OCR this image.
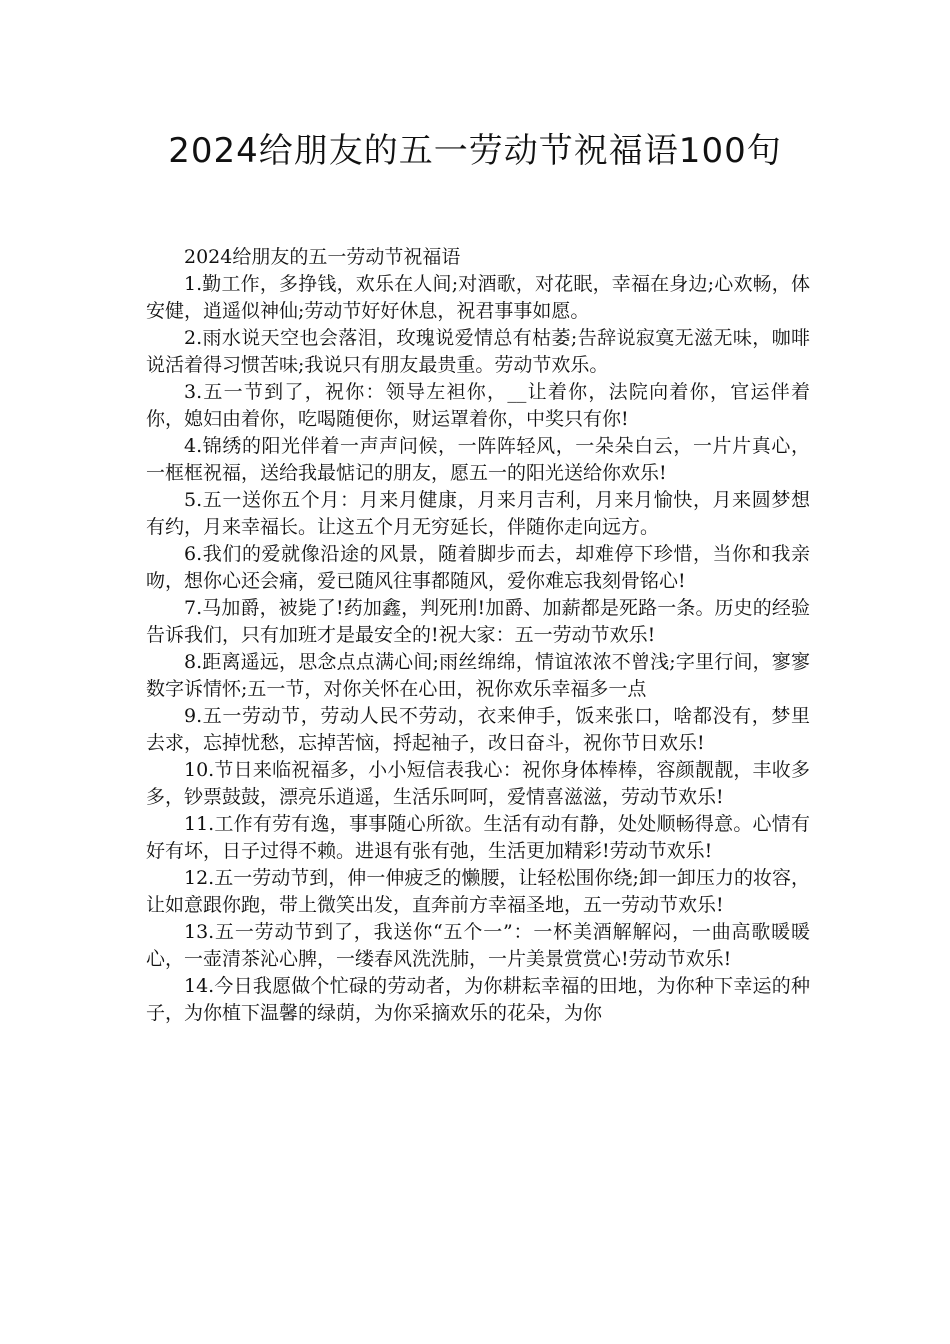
2024给朋友的五一劳动节祝福语100句

2024给朋友的五一劳动节祝福语

1.勤工作，多挣钱，欢乐在人间;对酒歌，对花眠，幸福在身边;心欢畅，体安健，逍遥似神仙;劳动节好好休息，祝君事事如愿。

2.雨水说天空也会落泪，玫瑰说爱情总有枯萎;告辞说寂寞无滋无味，咖啡说活着得习惯苦味;我说只有朋友最贵重。劳动节欢乐。

3.五一节到了，祝你：领导左袒你，__让着你，法院向着你，官运伴着你，媳妇由着你，吃喝随便你，财运罩着你，中奖只有你!

4.锦绣的阳光伴着一声声问候，一阵阵轻风，一朵朵白云，一片片真心，一框框祝福，送给我最惦记的朋友，愿五一的阳光送给你欢乐!

5.五一送你五个月：月来月健康，月来月吉利，月来月愉快，月来圆梦想有约，月来幸福长。让这五个月无穷延长，伴随你走向远方。

6.我们的爱就像沿途的风景，随着脚步而去，却难停下珍惜，当你和我亲吻，想你心还会痛，爱已随风往事都随风，爱你难忘我刻骨铭心!

7.马加爵，被毙了!药加鑫，判死刑!加爵、加薪都是死路一条。历史的经验告诉我们，只有加班才是最安全的!祝大家：五一劳动节欢乐!

8.距离遥远，思念点点满心间;雨丝绵绵，情谊浓浓不曾浅;字里行间，寥寥数字诉情怀;五一节，对你关怀在心田，祝你欢乐幸福多一点

9.五一劳动节，劳动人民不劳动，衣来伸手，饭来张口，啥都没有，梦里去求，忘掉忧愁，忘掉苦恼，捋起袖子，改日奋斗，祝你节日欢乐!

10.节日来临祝福多，小小短信表我心：祝你身体棒棒，容颜靓靓，丰收多多，钞票鼓鼓，漂亮乐逍遥，生活乐呵呵，爱情喜滋滋，劳动节欢乐!

11.工作有劳有逸，事事随心所欲。生活有动有静，处处顺畅得意。心情有好有坏，日子过得不赖。进退有张有弛，生活更加精彩!劳动节欢乐!

12.五一劳动节到，伸一伸疲乏的懒腰，让轻松围你绕;卸一卸压力的妆容，让如意跟你跑，带上微笑出发，直奔前方幸福圣地，五一劳动节欢乐!

13.五一劳动节到了，我送你“五个一”：一杯美酒解解闷，一曲高歌暖暖心，一壶清茶沁心脾，一缕春风洗洗肺，一片美景赏赏心!劳动节欢乐!

14.今日我愿做个忙碌的劳动者，为你耕耘幸福的田地，为你种下幸运的种子，为你植下温馨的绿荫，为你采摘欢乐的花朵，为你
